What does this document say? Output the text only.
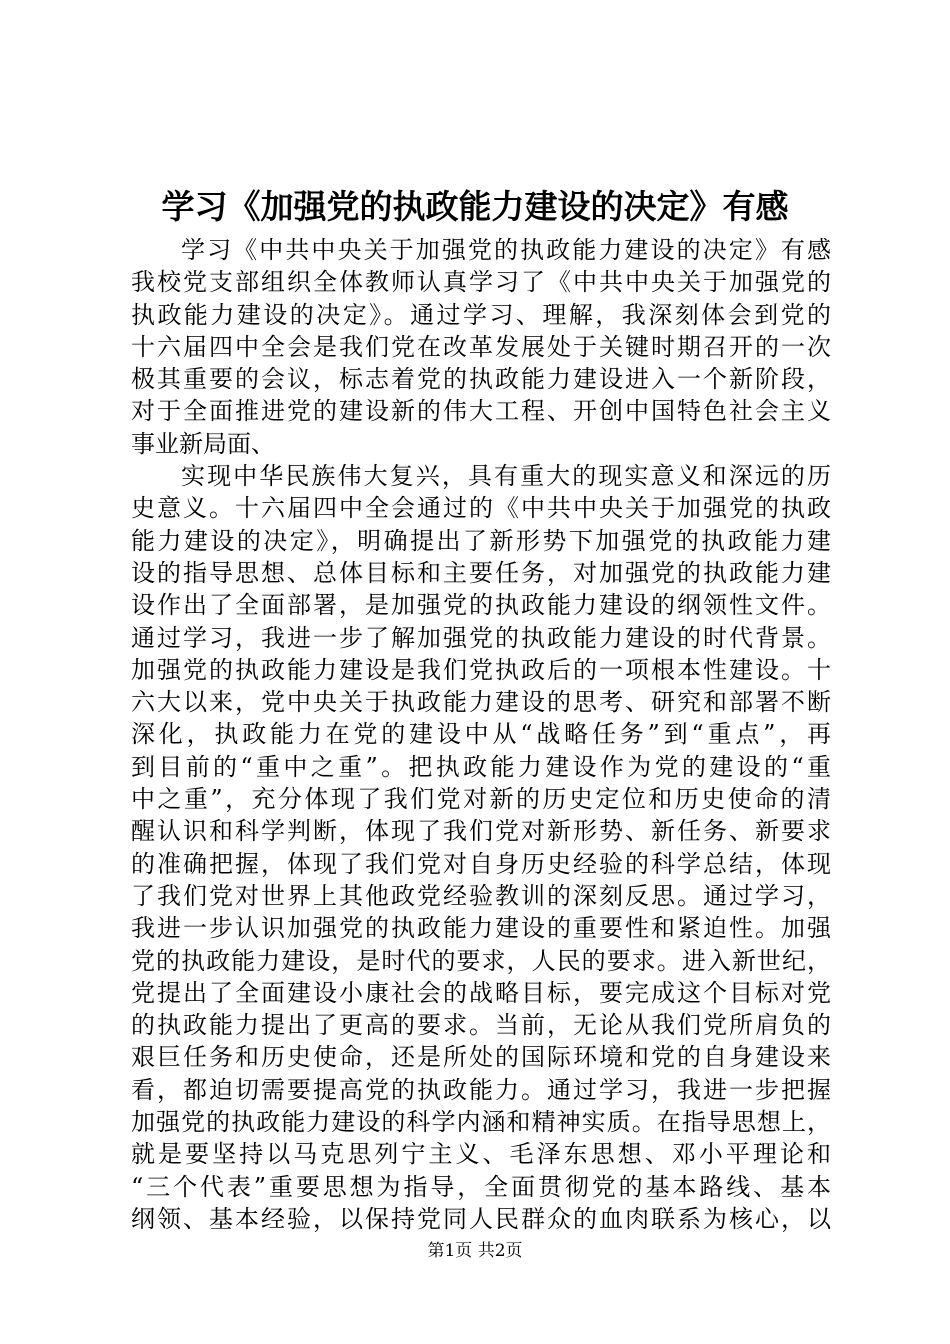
学习《加强党的执政能力建设的决定》有感
学习《中共中央关于加强党的执政能力建设的决定》有感
我校党支部组织全体教师认真学习了《中共中央关于加强党的
执政能力建设的决定》。通过学习、理解，我深刻体会到党的
十六届四中全会是我们党在改革发展处于关键时期召开的一次
极其重要的会议，标志着党的执政能力建设进入一个新阶段，
对于全面推进党的建设新的伟大工程、开创中国特色社会主义
事业新局面、
实现中华民族伟大复兴，具有重大的现实意义和深远的历
史意义。十六届四中全会通过的《中共中央关于加强党的执政
能力建设的决定》，明确提出了新形势下加强党的执政能力建
设的指导思想、总体目标和主要任务，对加强党的执政能力建
设作出了全面部署，是加强党的执政能力建设的纲领性文件。
通过学习，我进一步了解加强党的执政能力建设的时代背景。
加强党的执政能力建设是我们党执政后的一项根本性建设。十
六大以来，党中央关于执政能力建设的思考、研究和部署不断
深化，执政能力在党的建设中从“战略任务”到“重点”，再
到目前的“重中之重”。把执政能力建设作为党的建设的“重
中之重”，充分体现了我们党对新的历史定位和历史使命的清
醒认识和科学判断，体现了我们党对新形势、新任务、新要求
的准确把握，体现了我们党对自身历史经验的科学总结，体现
了我们党对世界上其他政党经验教训的深刻反思。通过学习，
我进一步认识加强党的执政能力建设的重要性和紧迫性。加强
党的执政能力建设，是时代的要求，人民的要求。进入新世纪，
党提出了全面建设小康社会的战略目标，要完成这个目标对党
的执政能力提出了更高的要求。当前，无论从我们党所肩负的
艰巨任务和历史使命，还是所处的国际环境和党的自身建设来
看，都迫切需要提高党的执政能力。通过学习，我进一步把握
加强党的执政能力建设的科学内涵和精神实质。在指导思想上，
就是要坚持以马克思列宁主义、毛泽东思想、邓小平理论和
“三个代表”重要思想为指导，全面贯彻党的基本路线、基本
纲领、基本经验，以保持党同人民群众的血肉联系为核心，以
第1页 共2页
